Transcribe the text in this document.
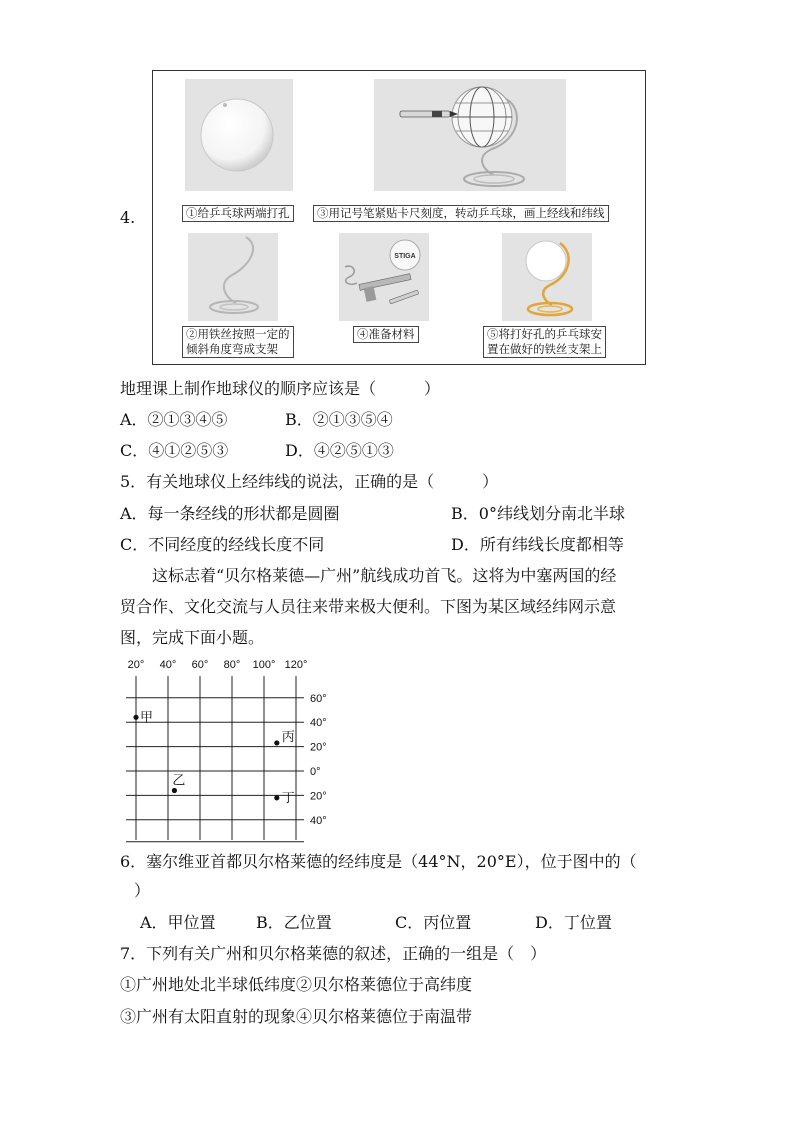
4.	①给乒乓球两端打孔	③用记号笔紧贴卡尺刻度，转动乒乓球，画上经线和纬线
②用铁丝按照一定的
倾斜角度弯成支架
STIGA
④准备材料	⑤将打好孔的乒乓球安
置在做好的铁丝支架上
地理课上制作地球仪的顺序应该是（　　　）
A．②①③④⑤	B．②①③⑤④
C．④①②⑤③	D．④②⑤①③
5．有关地球仪上经纬线的说法，正确的是（　　　）
A．每一条经线的形状都是圆圈	B．0°纬线划分南北半球
C．不同经度的经线长度不同	D．所有纬线长度都相等
这标志着“贝尔格莱德—广州”航线成功首飞。这将为中塞两国的经
贸合作、文化交流与人员往来带来极大便利。下图为某区域经纬网示意
图，完成下面小题。
20° 40° 60° 80° 100° 120°
60°
40°
20°
0°
20°
40°
甲
乙
丙
丁
6．塞尔维亚首都贝尔格莱德的经纬度是（44°N，20°E），位于图中的（
）
A．甲位置	B．乙位置	C．丙位置	D．丁位置
7．下列有关广州和贝尔格莱德的叙述，正确的一组是（　）
①广州地处北半球低纬度②贝尔格莱德位于高纬度
③广州有太阳直射的现象④贝尔格莱德位于南温带
